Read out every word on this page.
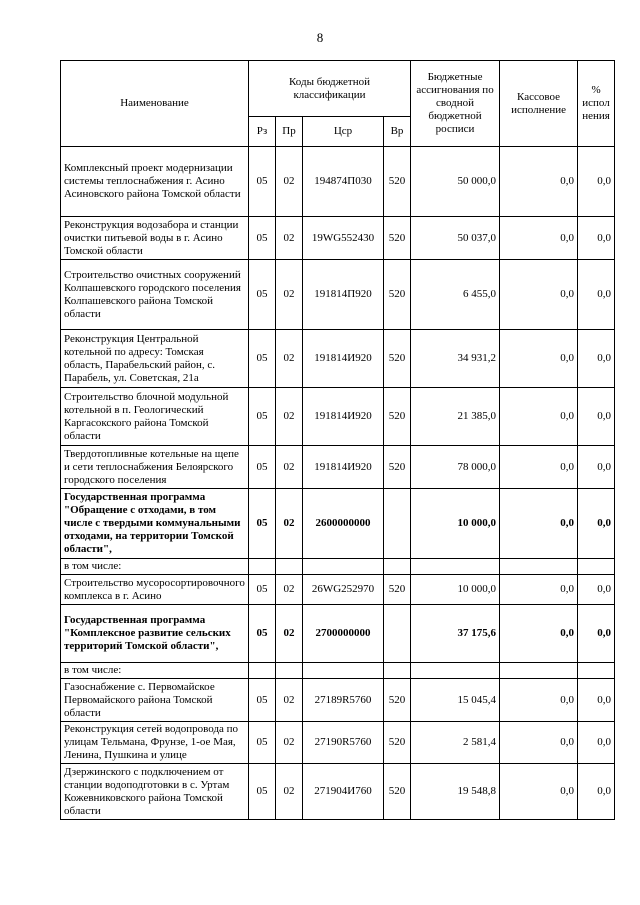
8
Наименование	Коды бюджетной классификации				Бюджетные ассигнования по сводной бюджетной росписи	Кассовое исполнение	% испол нения
	Рз	Пр	Цср	Вр			
Комплексный проект модернизации системы теплоснабжения г. Асино Асиновского района Томской области	05	02	194874П030	520	50 000,0	0,0	0,0
Реконструкция водозабора и станции очистки питьевой воды в г. Асино Томской области	05	02	19WG552430	520	50 037,0	0,0	0,0
Строительство очистных сооружений Колпашевского городского поселения Колпашевского района Томской области	05	02	191814П920	520	6 455,0	0,0	0,0
Реконструкция Центральной котельной по адресу: Томская область, Парабельский район, с. Парабель, ул. Советская, 21а	05	02	191814И920	520	34 931,2	0,0	0,0
Строительство блочной модульной котельной в п. Геологический Каргасокского района Томской области	05	02	191814И920	520	21 385,0	0,0	0,0
Твердотопливные котельные на щепе и сети теплоснабжения Белоярского городского поселения	05	02	191814И920	520	78 000,0	0,0	0,0
Государственная программа "Обращение с отходами, в том числе с твердыми коммунальными отходами, на территории Томской области",	05	02	2600000000		10 000,0	0,0	0,0
в том числе:							
Строительство мусоросортировочного комплекса в г. Асино	05	02	26WG252970	520	10 000,0	0,0	0,0
Государственная программа "Комплексное развитие сельских территорий Томской области",	05	02	2700000000		37 175,6	0,0	0,0
в том числе:							
Газоснабжение с. Первомайское Первомайского района Томской области	05	02	27189R5760	520	15 045,4	0,0	0,0
Реконструкция сетей водопровода по улицам Тельмана, Фрунзе, 1-ое Мая, Ленина, Пушкина и улице	05	02	27190R5760	520	2 581,4	0,0	0,0
Дзержинского с подключением от станции водоподготовки в с. Уртам Кожевниковского района Томской области	05	02	271904И760	520	19 548,8	0,0	0,0
